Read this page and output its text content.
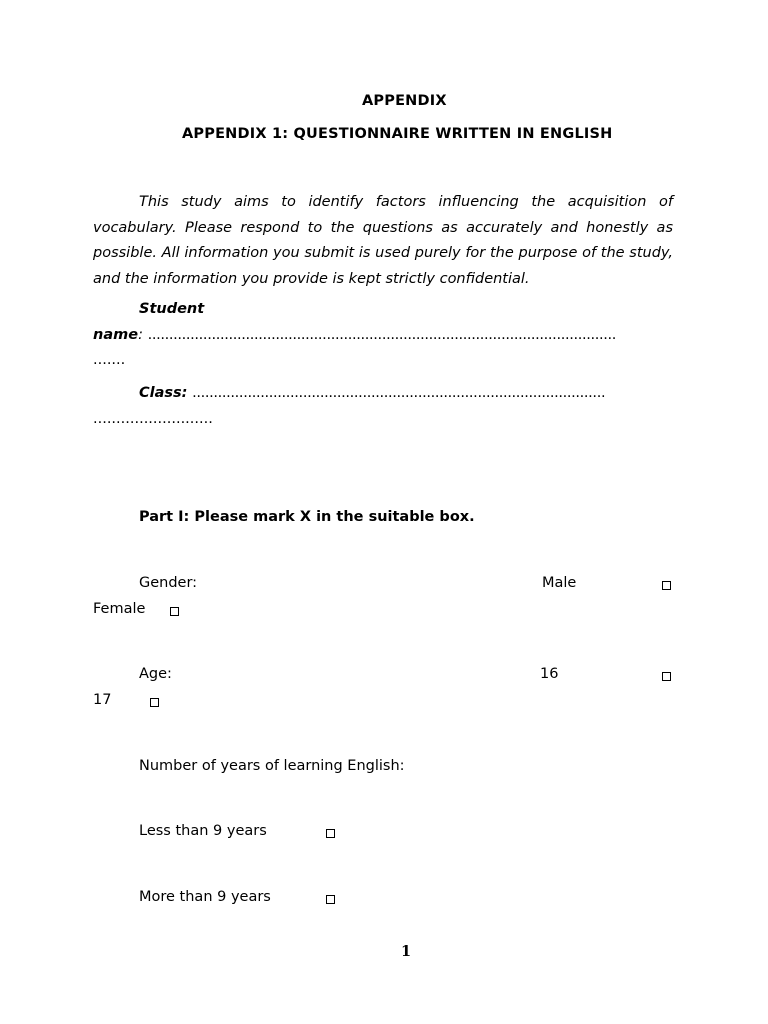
APPENDIX
APPENDIX 1: QUESTIONNAIRE WRITTEN IN ENGLISH
This study aims to identify factors influencing the acquisition of vocabulary. Please respond to the questions as accurately and honestly as possible. All information you submit is used purely for the purpose of the study, and the information you provide is kept strictly confidential.
Student
name: ..............................................................................................................
.......
Class: .................................................................................................
..........................
Part I: Please mark X in the suitable box.
Gender:	Male
Female
Age:	16
17
Number of years of learning English:
Less than 9 years
More than 9 years
1
